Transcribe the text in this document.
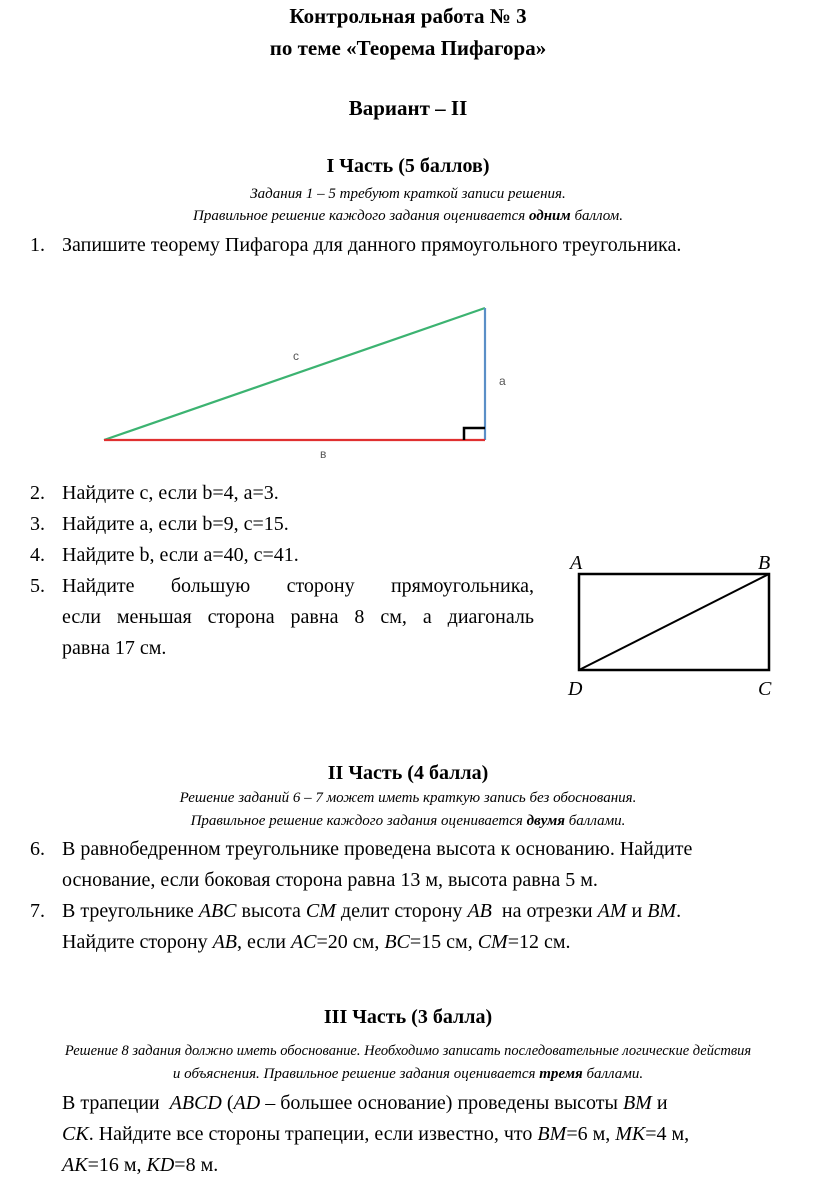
Контрольная работа № 3
по теме «Теорема Пифагора»
Вариант – II
I Часть (5 баллов)
Задания 1 – 5 требуют краткой записи решения.
Правильное решение каждого задания оценивается одним баллом.
1. Запишите теорему Пифагора для данного прямоугольного треугольника.
с
а
в
2. Найдите с, если b=4, a=3.
3. Найдите a, если b=9, c=15.
4. Найдите b, если a=40, c=41.
5. Найдите большую сторону прямоугольника,
если меньшая сторона равна 8 см, а диагональ
равна 17 см.
A	B
D	C
II Часть (4 балла)
Решение заданий 6 – 7 может иметь краткую запись без обоснования.
Правильное решение каждого задания оценивается двумя баллами.
6. В равнобедренном треугольнике проведена высота к основанию. Найдите
основание, если боковая сторона равна 13 м, высота равна 5 м.
7. В треугольнике ABC высота CM делит сторону AB  на отрезки AM и BM.
Найдите сторону AB, если AC=20 см, BC=15 см, CM=12 см.
III Часть (3 балла)
Решение 8 задания должно иметь обоснование. Необходимо записать последовательные логические действия
и объяснения. Правильное решение задания оценивается тремя баллами.
В трапеции  ABCD (AD – большее основание) проведены высоты BM и
CK. Найдите все стороны трапеции, если известно, что BM=6 м, MK=4 м,
AK=16 м, KD=8 м.
